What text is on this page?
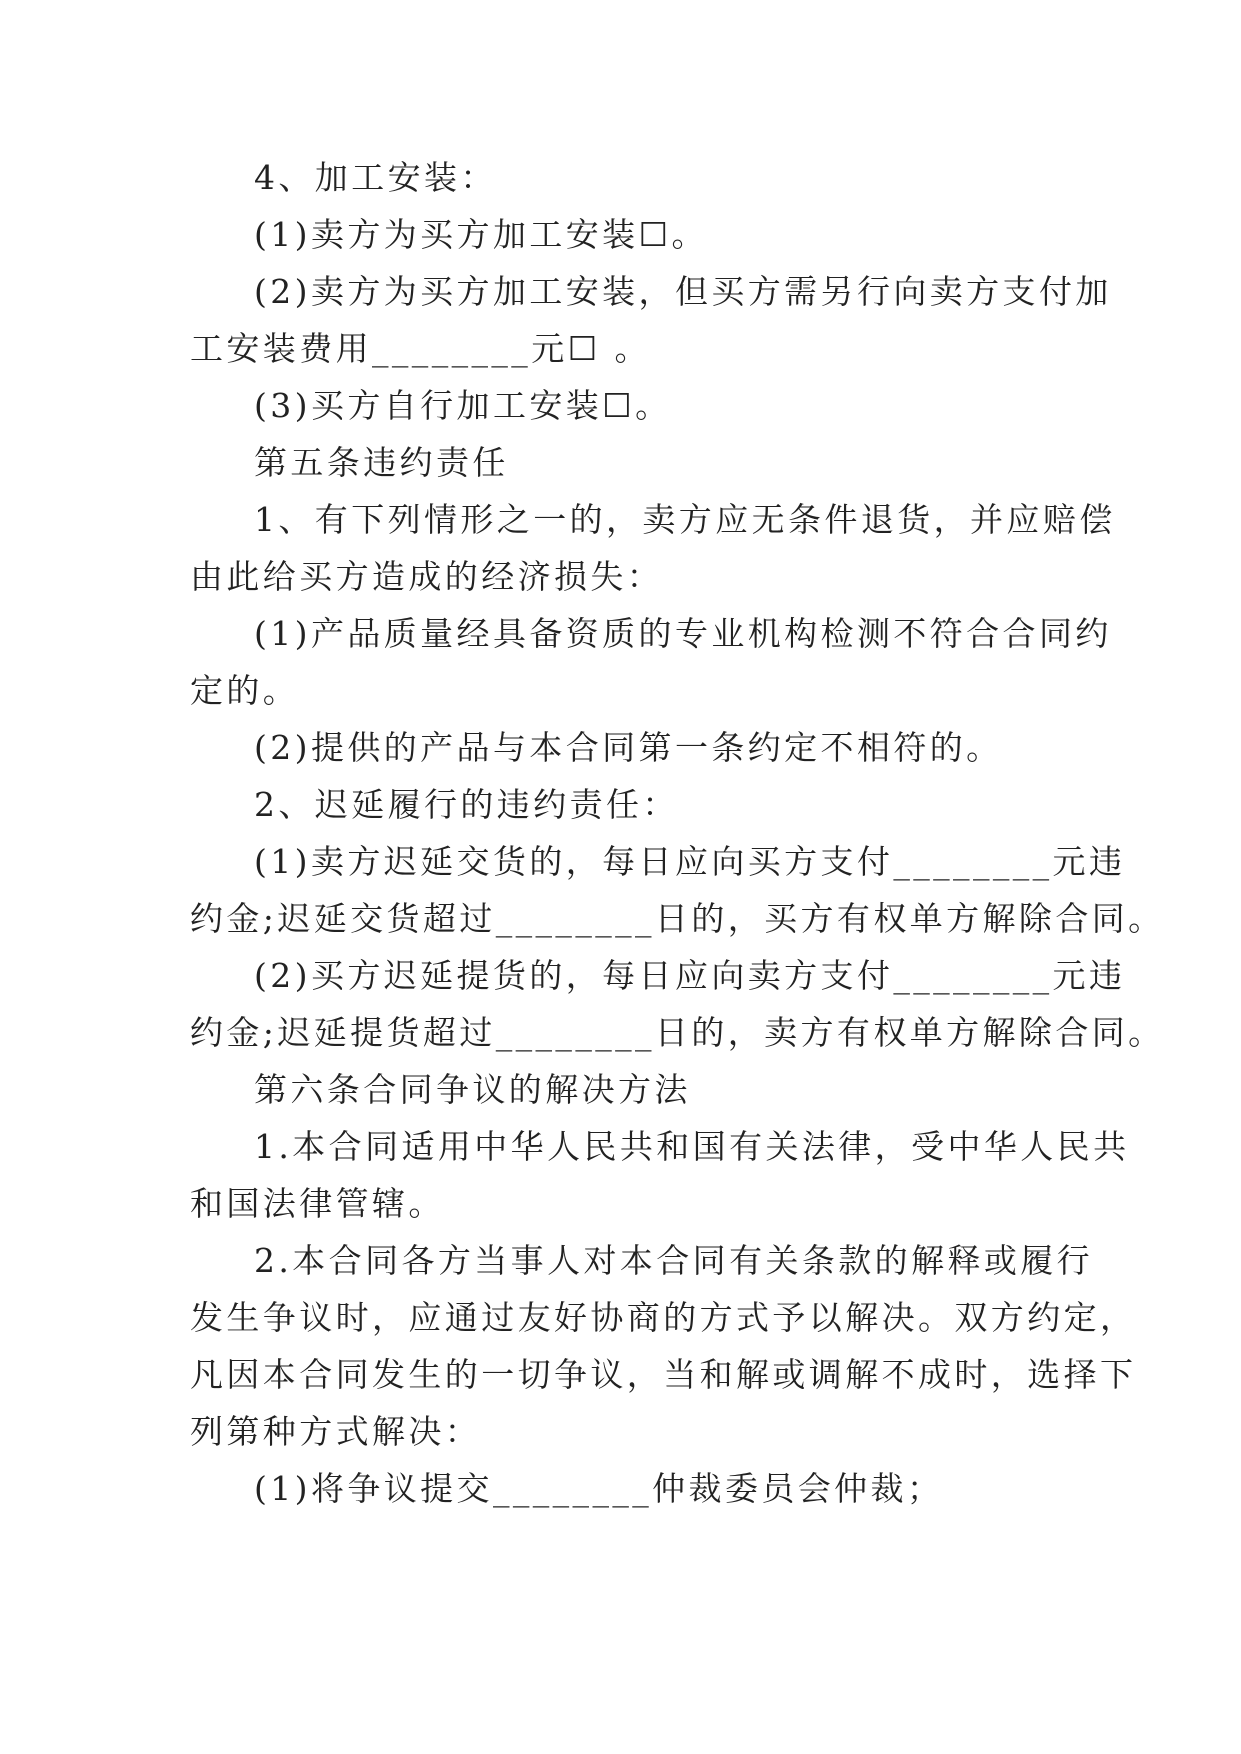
4、加工安装：
(1)卖方为买方加工安装☐。
(2)卖方为买方加工安装，但买方需另行向卖方支付加
工安装费用________元☐ 。
(3)买方自行加工安装☐。
第五条违约责任
1、有下列情形之一的，卖方应无条件退货，并应赔偿
由此给买方造成的经济损失：
(1)产品质量经具备资质的专业机构检测不符合合同约
定的。
(2)提供的产品与本合同第一条约定不相符的。
2、迟延履行的违约责任：
(1)卖方迟延交货的，每日应向买方支付________元违
约金;迟延交货超过________日的，买方有权单方解除合同。
(2)买方迟延提货的，每日应向卖方支付________元违
约金;迟延提货超过________日的，卖方有权单方解除合同。
第六条合同争议的解决方法
1.本合同适用中华人民共和国有关法律，受中华人民共
和国法律管辖。
2.本合同各方当事人对本合同有关条款的解释或履行
发生争议时，应通过友好协商的方式予以解决。双方约定，
凡因本合同发生的一切争议，当和解或调解不成时，选择下
列第种方式解决：
(1)将争议提交________仲裁委员会仲裁；
